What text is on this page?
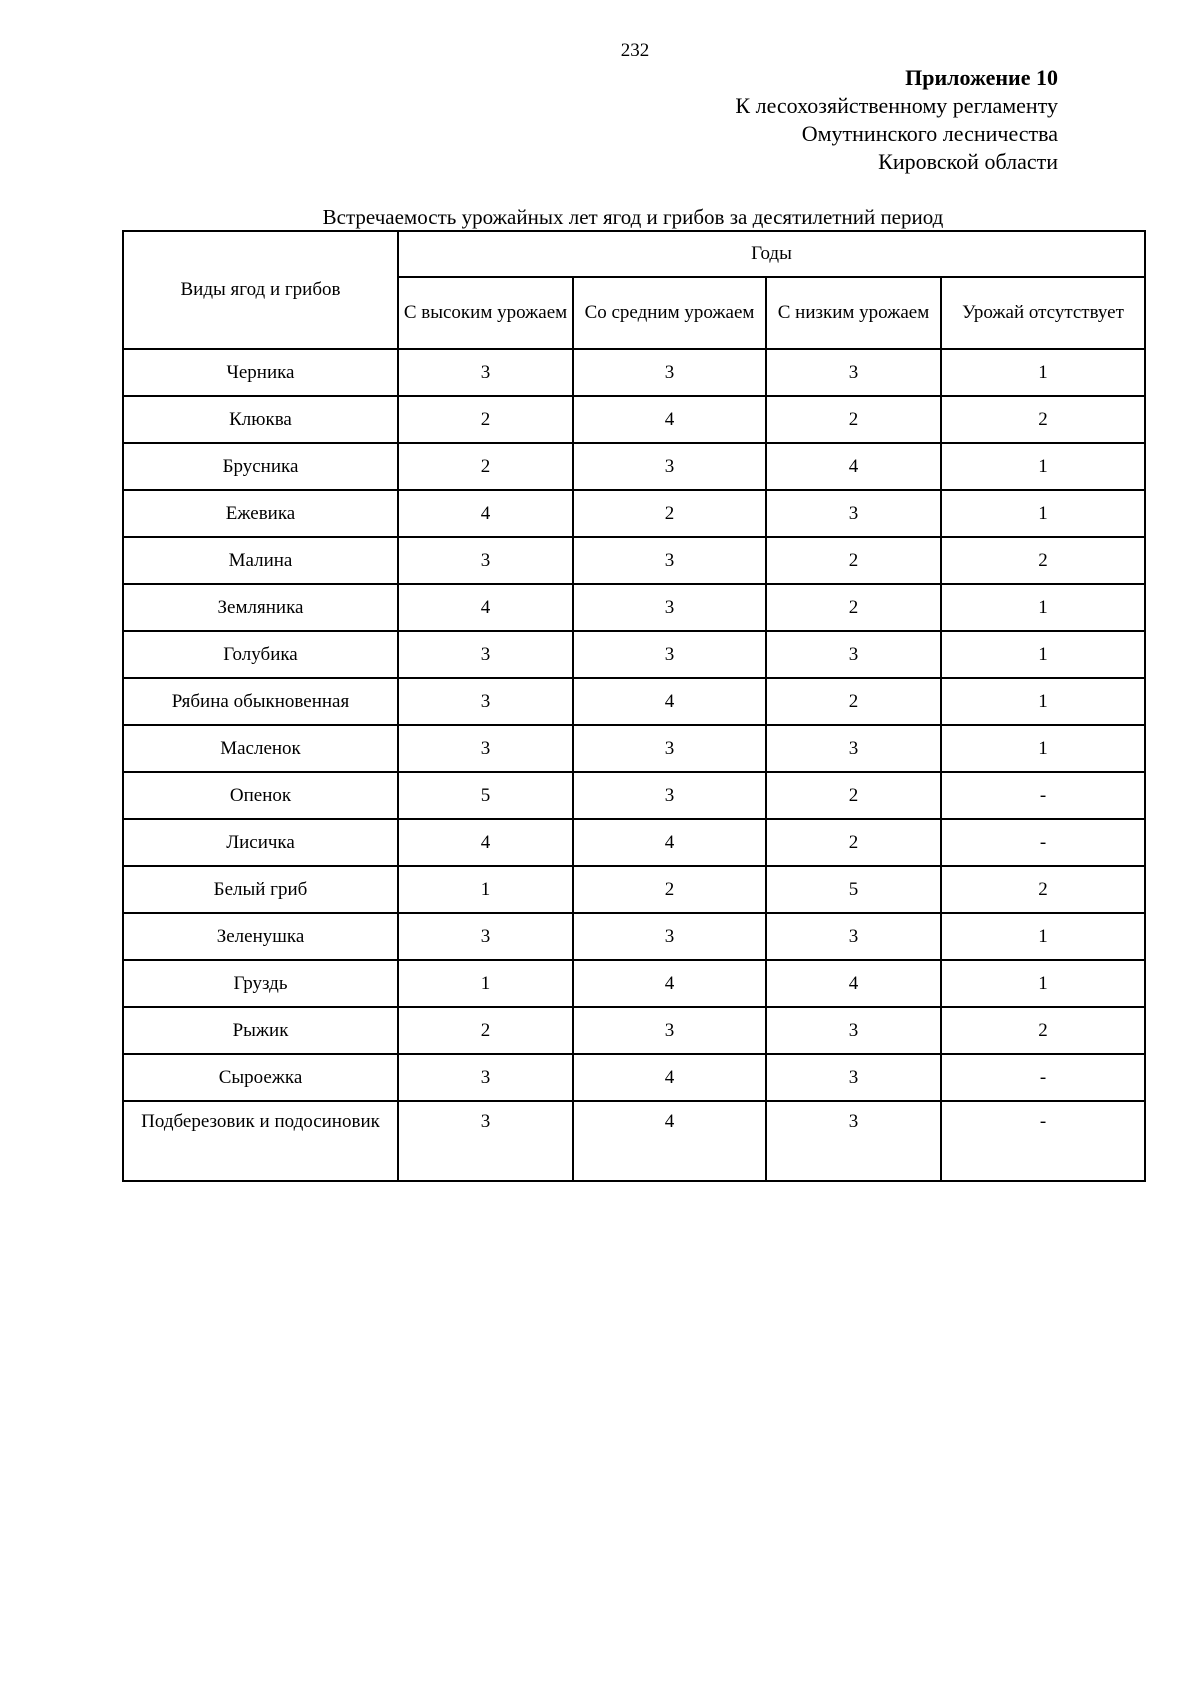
232
Приложение 10
К лесохозяйственному регламенту
Омутнинского лесничества
Кировской области
Встречаемость урожайных лет ягод и грибов за десятилетний период
Виды ягод и грибов	Годы			
	С высоким урожаем	Со средним урожаем	С низким урожаем	Урожай отсутствует
Черника	3	3	3	1
Клюква	2	4	2	2
Брусника	2	3	4	1
Ежевика	4	2	3	1
Малина	3	3	2	2
Земляника	4	3	2	1
Голубика	3	3	3	1
Рябина обыкновенная	3	4	2	1
Масленок	3	3	3	1
Опенок	5	3	2	-
Лисичка	4	4	2	-
Белый гриб	1	2	5	2
Зеленушка	3	3	3	1
Груздь	1	4	4	1
Рыжик	2	3	3	2
Сыроежка	3	4	3	-
Подберезовик и подосиновик	3	4	3	-
